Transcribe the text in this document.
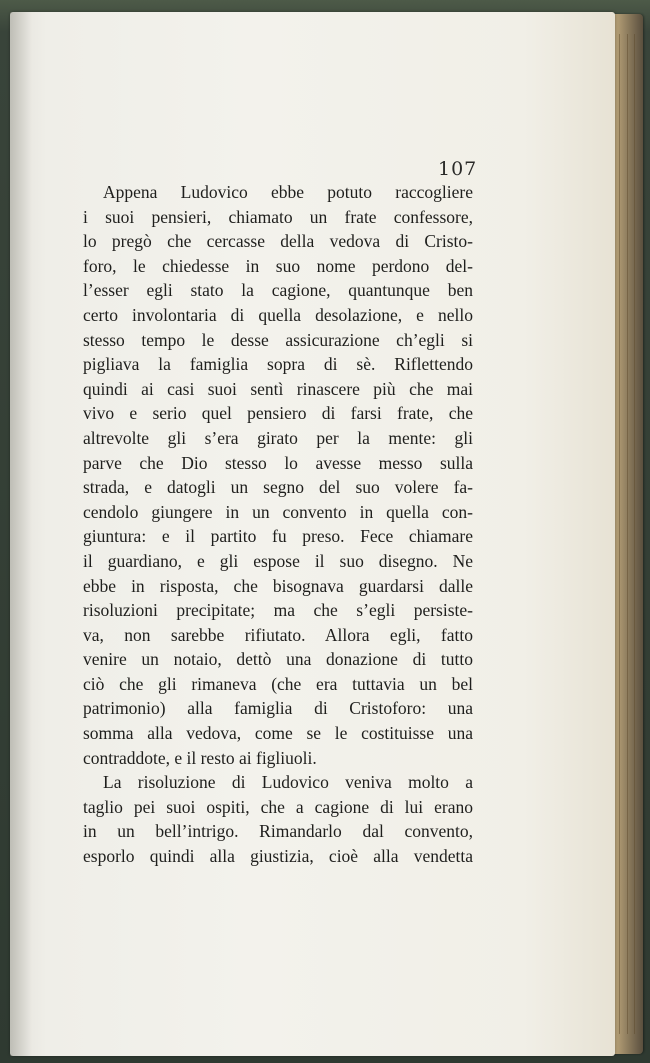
107
Appena Ludovico ebbe potuto raccogliere
i suoi pensieri, chiamato un frate confessore,
lo pregò che cercasse della vedova di Cristo-
foro, le chiedesse in suo nome perdono del-
l’esser egli stato la cagione, quantunque ben
certo involontaria di quella desolazione, e nello
stesso tempo le desse assicurazione ch’egli si
pigliava la famiglia sopra di sè. Riflettendo
quindi ai casi suoi sentì rinascere più che mai
vivo e serio quel pensiero di farsi frate, che
altrevolte gli s’era girato per la mente: gli
parve che Dio stesso lo avesse messo sulla
strada, e datogli un segno del suo volere fa-
cendolo giungere in un convento in quella con-
giuntura: e il partito fu preso. Fece chiamare
il guardiano, e gli espose il suo disegno. Ne
ebbe in risposta, che bisognava guardarsi dalle
risoluzioni precipitate; ma che s’egli persiste-
va, non sarebbe rifiutato. Allora egli, fatto
venire un notaio, dettò una donazione di tutto
ciò che gli rimaneva (che era tuttavia un bel
patrimonio) alla famiglia di Cristoforo: una
somma alla vedova, come se le costituisse una
contraddote, e il resto ai figliuoli.
La risoluzione di Ludovico veniva molto a
taglio pei suoi ospiti, che a cagione di lui erano
in un bell’intrigo. Rimandarlo dal convento,
esporlo quindi alla giustizia, cioè alla vendetta
